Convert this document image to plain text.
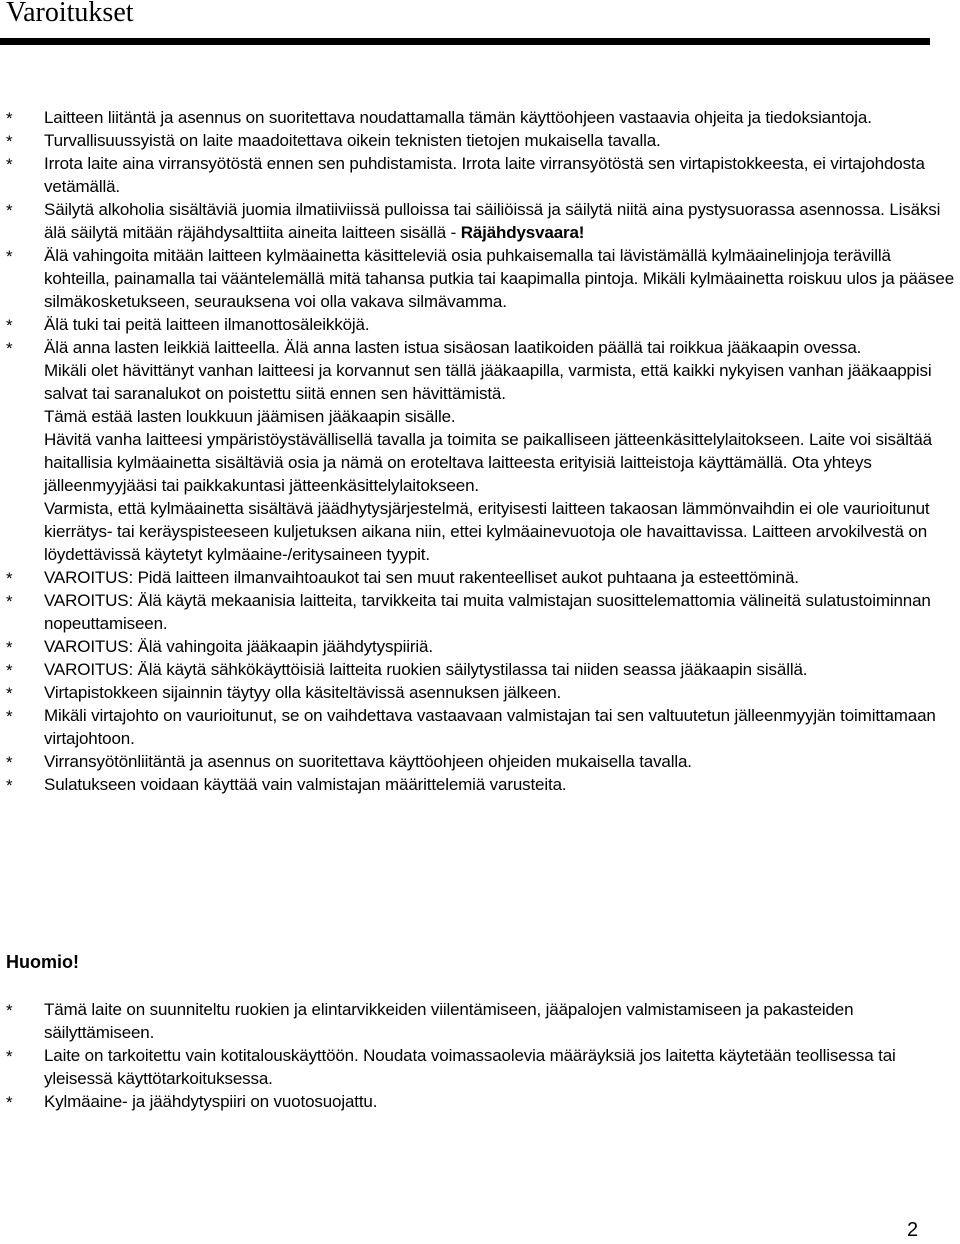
Varoitukset
* Laitteen liitäntä ja asennus on suoritettava noudattamalla tämän käyttöohjeen vastaavia ohjeita ja tiedoksiantoja.
* Turvallisuussyistä on laite maadoitettava oikein teknisten tietojen mukaisella tavalla.
* Irrota laite aina virransyötöstä ennen sen puhdistamista. Irrota laite virransyötöstä sen virtapistokkeesta, ei virtajohdosta vetämällä.
* Säilytä alkoholia sisältäviä juomia ilmatiiviissä pulloissa tai säiliöissä ja säilytä niitä aina pystysuorassa asennossa. Lisäksi älä säilytä mitään räjähdysalttiita aineita laitteen sisällä - Räjähdysvaara!
* Älä vahingoita mitään laitteen kylmäainetta käsitteleviä osia puhkaisemalla tai lävistämällä kylmäainelinjoja terävillä kohteilla, painamalla tai vääntelemällä mitä tahansa putkia tai kaapimalla pintoja. Mikäli kylmäainetta roiskuu ulos ja pääsee silmäkosketukseen, seurauksena voi olla vakava silmävamma.
* Älä tuki tai peitä laitteen ilmanottosäleikköjä.
* Älä anna lasten leikkiä laitteella. Älä anna lasten istua sisäosan laatikoiden päällä tai roikkua jääkaapin ovessa.
Mikäli olet hävittänyt vanhan laitteesi ja korvannut sen tällä jääkaapilla, varmista, että kaikki nykyisen vanhan jääkaappisi salvat tai saranalukot on poistettu siitä ennen sen hävittämistä.
Tämä estää lasten loukkuun jäämisen jääkaapin sisälle.
Hävitä vanha laitteesi ympäristöystävällisellä tavalla ja toimita se paikalliseen jätteenkäsittelylaitokseen. Laite voi sisältää haitallisia kylmäainetta sisältäviä osia ja nämä on eroteltava laitteesta erityisiä laitteistoja käyttämällä. Ota yhteys jälleenmyyjääsi tai paikkakuntasi jätteenkäsittelylaitokseen.
Varmista, että kylmäainetta sisältävä jäädhytysjärjestelmä, erityisesti laitteen takaosan lämmönvaihdin ei ole vaurioitunut kierrätys- tai keräyspisteeseen kuljetuksen aikana niin, ettei kylmäainevuotoja ole havaittavissa. Laitteen arvokilvestä on löydettävissä käytetyt kylmäaine-/eritysaineen tyypit.
* VAROITUS: Pidä laitteen ilmanvaihtoaukot tai sen muut rakenteelliset aukot puhtaana ja esteettöminä.
* VAROITUS: Älä käytä mekaanisia laitteita, tarvikkeita tai muita valmistajan suosittelemattomia välineitä sulatustoiminnan nopeuttamiseen.
* VAROITUS: Älä vahingoita jääkaapin jäähdytyspiiriä.
* VAROITUS: Älä käytä sähkökäyttöisiä laitteita ruokien säilytystilassa tai niiden seassa jääkaapin sisällä.
* Virtapistokkeen sijainnin täytyy olla käsiteltävissä asennuksen jälkeen.
* Mikäli virtajohto on vaurioitunut, se on vaihdettava vastaavaan valmistajan tai sen valtuutetun jälleenmyyjän toimittamaan virtajohtoon.
* Virransyötönliitäntä ja asennus on suoritettava käyttöohjeen ohjeiden mukaisella tavalla.
* Sulatukseen voidaan käyttää vain valmistajan määrittelemiä varusteita.
Huomio!
* Tämä laite on suunniteltu ruokien ja elintarvikkeiden viilentämiseen, jääpalojen valmistamiseen ja pakasteiden säilyttämiseen.
* Laite on tarkoitettu vain kotitalouskäyttöön. Noudata voimassaolevia määräyksiä jos laitetta käytetään teollisessa tai yleisessä käyttötarkoituksessa.
* Kylmäaine- ja jäähdytyspiiri on vuotosuojattu.
2
